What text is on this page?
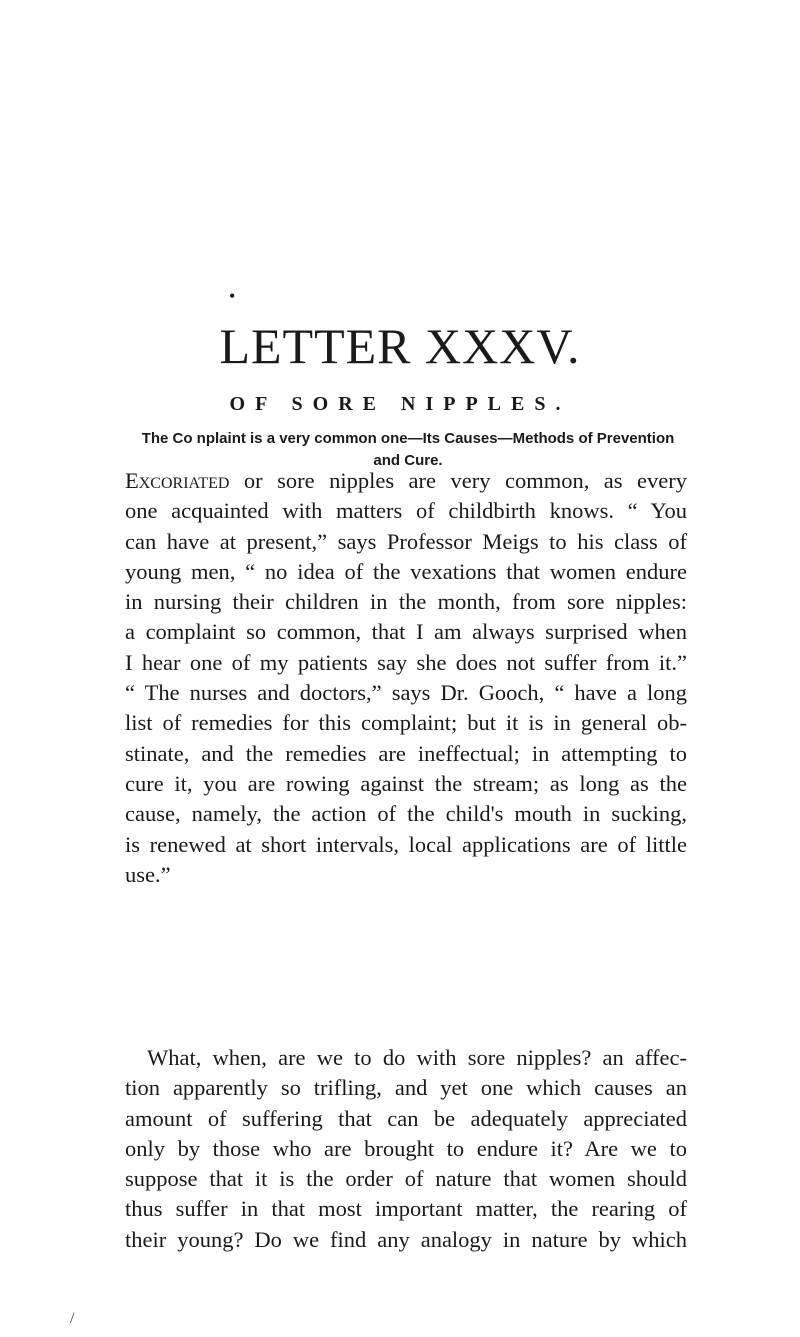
•
LETTER XXXV.
OF SORE NIPPLES.
The Co nplaint is a very common one—Its Causes—Methods of Prevention and Cure.

Excoriated or sore nipples are very common, as every
one acquainted with matters of childbirth knows. “ You
can have at present,” says Professor Meigs to his class of
young men, “ no idea of the vexations that women endure
in nursing their children in the month, from sore nipples:
a complaint so common, that I am always surprised when
I hear one of my patients say she does not suffer from it.”
“ The nurses and doctors,” says Dr. Gooch, “ have a long
list of remedies for this complaint; but it is in general ob-
stinate, and the remedies are ineffectual; in attempting to
cure it, you are rowing against the stream; as long as the
cause, namely, the action of the child's mouth in sucking,
is renewed at short intervals, local applications are of little
use.”

What, when, are we to do with sore nipples? an affec-
tion apparently so trifling, and yet one which causes an
amount of suffering that can be adequately appreciated
only by those who are brought to endure it? Are we to
suppose that it is the order of nature that women should
thus suffer in that most important matter, the rearing of
their young? Do we find any analogy in nature by which

/
